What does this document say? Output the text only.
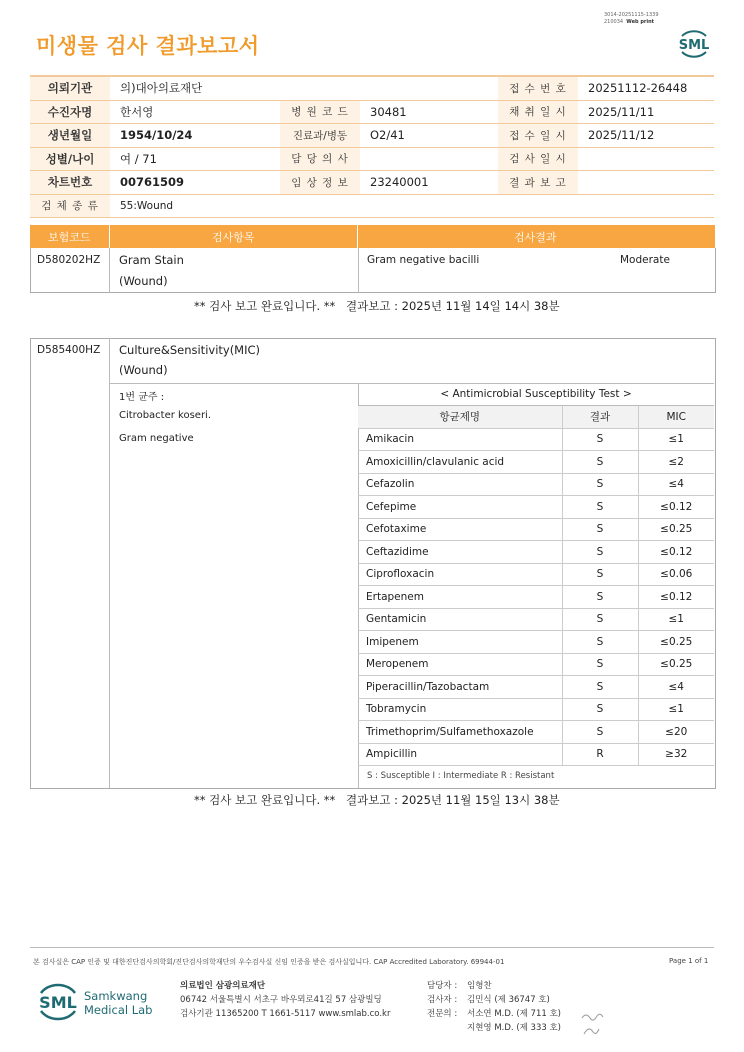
3014-20251115-1339
210034 Web print
미생물 검사 결과보고서	SML
의뢰기관	의)대아의료재단			접 수 번 호	20251112-26448
수진자명	한서영	병 원 코 드	30481	채 취 일 시	2025/11/11
생년월일	1954/10/24	진료과/병동	O2/41	접 수 일 시	2025/11/12
성별/나이	여 / 71	담 당 의 사		검 사 일 시	
차트번호	00761509	임 상 정 보	23240001	결 과 보 고	
검 체 종 류	55:Wound				
보험코드	검사항목	검사결과
D580202HZ Gram Stain
(Wound)
Gram negative bacilli	Moderate
** 검사 보고 완료입니다. ** 결과보고 : 2025년 11월 14일 14시 38분
D585400HZ Culture&Sensitivity(MIC)
(Wound)
1번 균주 :
Citrobacter koseri.
Gram negative
< Antimicrobial Susceptibility Test >
항균제명	결과	MIC
Amikacin	S	≤1
Amoxicillin/clavulanic acid	S	≤2
Cefazolin	S	≤4
Cefepime	S	≤0.12
Cefotaxime	S	≤0.25
Ceftazidime	S	≤0.12
Ciprofloxacin	S	≤0.06
Ertapenem	S	≤0.12
Gentamicin	S	≤1
Imipenem	S	≤0.25
Meropenem	S	≤0.25
Piperacillin/Tazobactam	S	≤4
Tobramycin	S	≤1
Trimethoprim/Sulfamethoxazole	S	≤20
Ampicillin	R	≥32
S : Susceptible I : Intermediate R : Resistant
** 검사 보고 완료입니다. ** 결과보고 : 2025년 11월 15일 13시 38분
본 검사실은 CAP 인증 및 대한진단검사의학회/진단검사의학재단의 우수검사실 신임 인증을 받은 검사실입니다. CAP Accredited Laboratory. 69944-01	Page 1 of 1
SML Samkwang
Medical Lab
의료법인 삼광의료재단
06742 서울특별시 서초구 바우뫼로41길 57 삼광빌딩
검사기관 11365200 T 1661-5117 www.smlab.co.kr
담당자 : 임형찬
검사자 : 김민식 (제 36747 호)
전문의 : 서소연 M.D. (제 711 호)
지현영 M.D. (제 333 호)
